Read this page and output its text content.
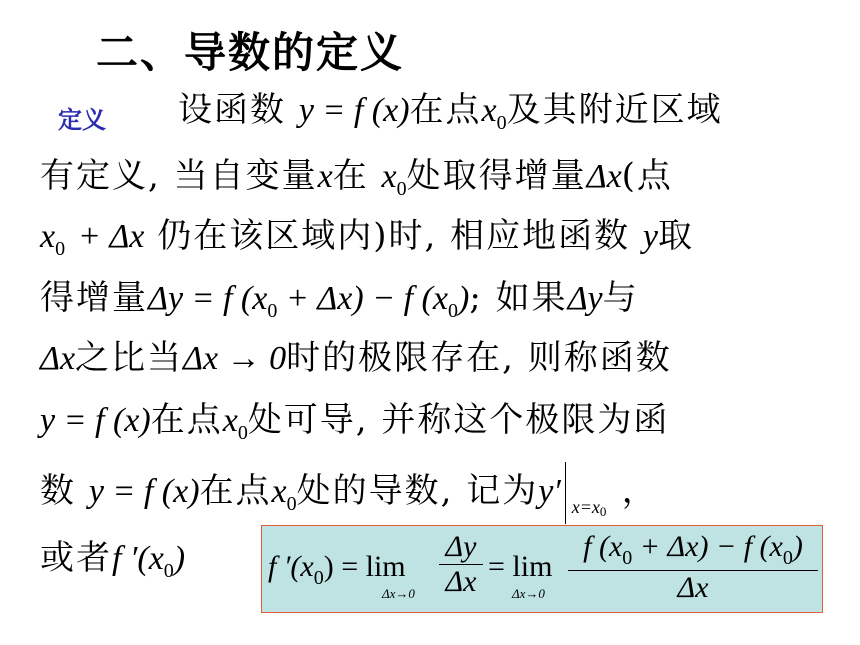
二、导数的定义
定义 设函数 y = f (x)在点$x_0$及其附近区域
有定义, 当自变量x在 $x_0$处取得增量Δx(点
$x_0 + \Delta x$ 仍在该区域内)时, 相应地函数 y取
得增量Δy = f $(x_0 + \Delta x) - f$ $(x_0)$; 如果Δy与
Δx之比当Δx → 0时的极限存在, 则称函数
y = f (x)在点$x_0$处可导, 并称这个极限为函
数 y = f (x)在点$x_0$处的导数, 记为y′ x=x0
，
或者f $'(x_0)$	f $'(x_0) = \lim$
Δx→0
Δy
Δx = lim
Δx→0
f $(x_0 + \Delta x) - f$ $(x_0)$
Δx
